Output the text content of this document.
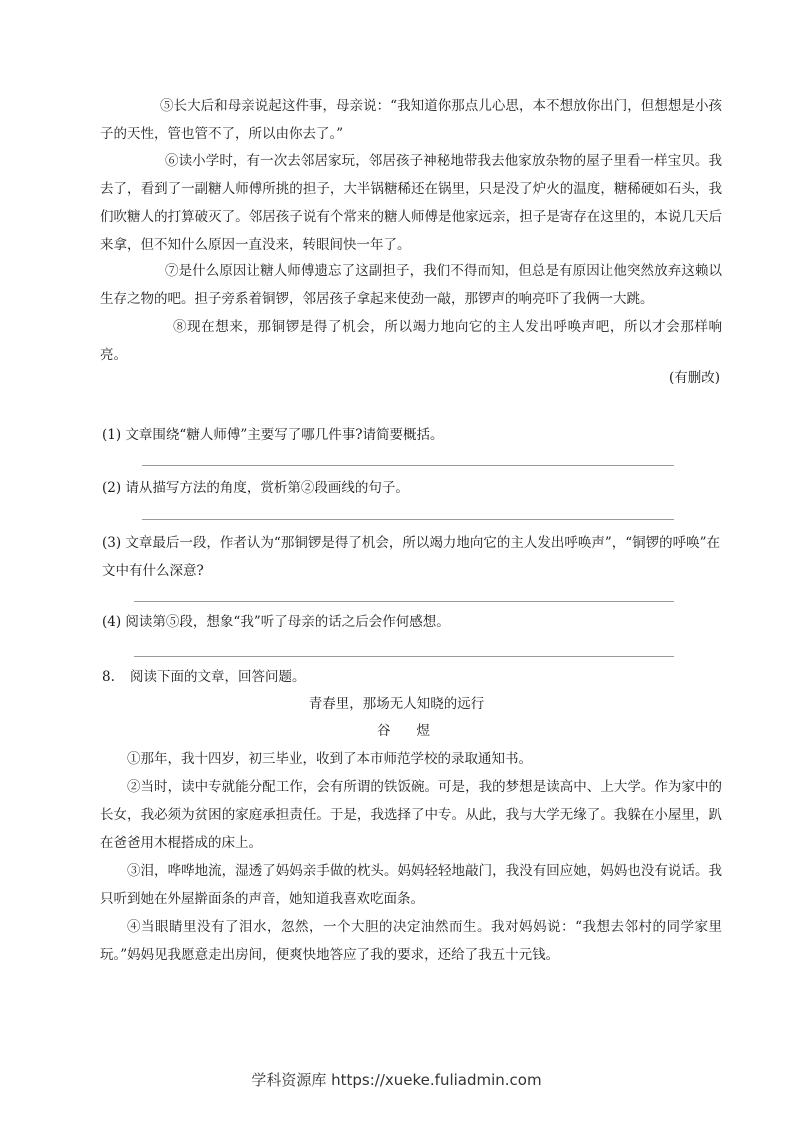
⑤长大后和母亲说起这件事，母亲说：“我知道你那点儿心思，本不想放你出门，但想想是小孩子的天性，管也管不了，所以由你去了。”

⑥读小学时，有一次去邻居家玩，邻居孩子神秘地带我去他家放杂物的屋子里看一样宝贝。我去了，看到了一副糖人师傅所挑的担子，大半锅糖稀还在锅里，只是没了炉火的温度，糖稀硬如石头，我们吹糖人的打算破灭了。邻居孩子说有个常来的糖人师傅是他家远亲，担子是寄存在这里的，本说几天后来拿，但不知什么原因一直没来，转眼间快一年了。

⑦是什么原因让糖人师傅遗忘了这副担子，我们不得而知，但总是有原因让他突然放弃这赖以生存之物的吧。担子旁系着铜锣，邻居孩子拿起来使劲一敲，那锣声的响亮吓了我俩一大跳。

⑧现在想来，那铜锣是得了机会，所以竭力地向它的主人发出呼唤声吧，所以才会那样响亮。

(有删改)

(1) 文章围绕“糖人师傅”主要写了哪几件事?请简要概括。

(2) 请从描写方法的角度，赏析第②段画线的句子。

(3) 文章最后一段，作者认为“那铜锣是得了机会，所以竭力地向它的主人发出呼唤声”，“铜锣的呼唤”在文中有什么深意?

(4) 阅读第⑤段，想象“我”听了母亲的话之后会作何感想。

8. 阅读下面的文章，回答问题。
青春里，那场无人知晓的远行
谷煜

①那年，我十四岁，初三毕业，收到了本市师范学校的录取通知书。

②当时，读中专就能分配工作，会有所谓的铁饭碗。可是，我的梦想是读高中、上大学。作为家中的长女，我必须为贫困的家庭承担责任。于是，我选择了中专。从此，我与大学无缘了。我躲在小屋里，趴在爸爸用木棍搭成的床上。

③泪，哗哗地流，湿透了妈妈亲手做的枕头。妈妈轻轻地敲门，我没有回应她，妈妈也没有说话。我只听到她在外屋擀面条的声音，她知道我喜欢吃面条。

④当眼睛里没有了泪水，忽然，一个大胆的决定油然而生。我对妈妈说：“我想去邻村的同学家里玩。”妈妈见我愿意走出房间，便爽快地答应了我的要求，还给了我五十元钱。

学科资源库 https://xueke.fuliadmin.com
